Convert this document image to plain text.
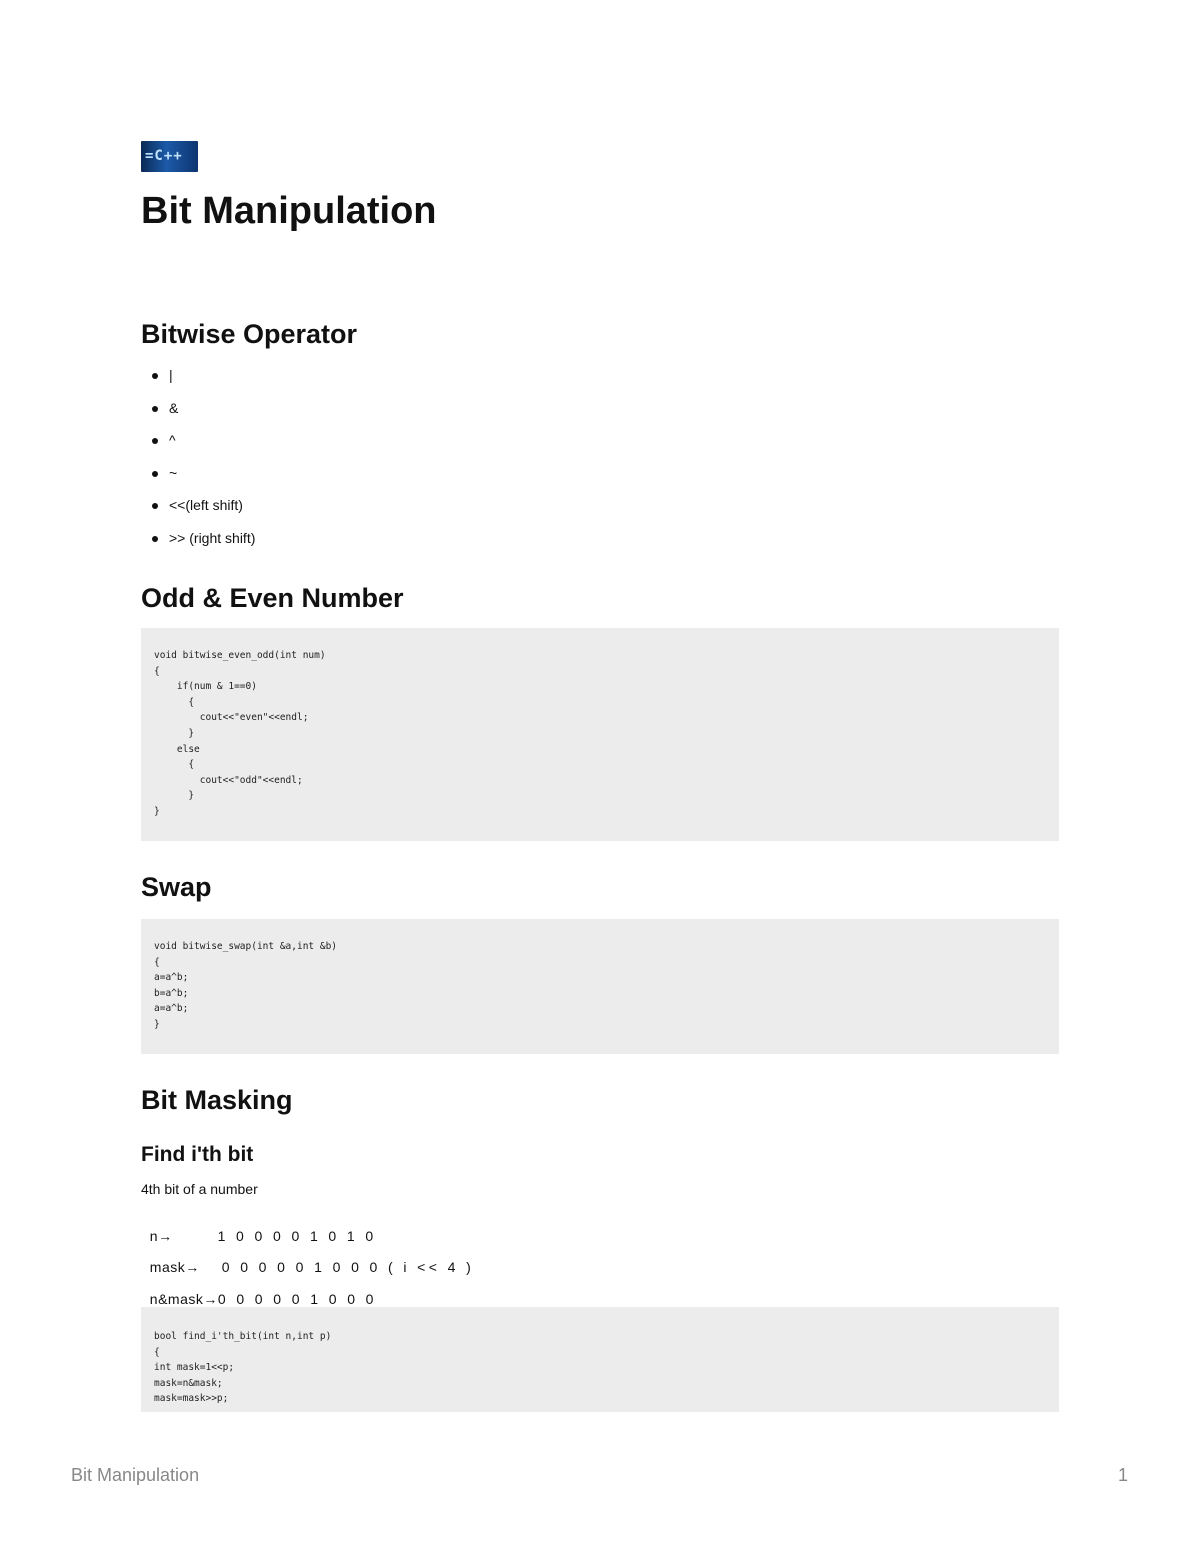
=C++
Bit Manipulation
Bitwise Operator
|
&
^
~
<<(left shift)
>> (right shift)
Odd & Even Number
void bitwise_even_odd(int num)
{
if(num & 1==0)
{
cout<<"even"<<endl;
}
else
{
cout<<"odd"<<endl;
}
}
Swap
void bitwise_swap(int &a,int &b)
{
a=a^b;
b=a^b;
a=a^b;
}
Bit Masking
Find i'th bit

4th bit of a number

n→	1 0 0 0 0 1 0 1 0

mask→ 0 0 0 0 0 1 0 0 0 ( i << 4 )

n&mask→0 0 0 0 0 1 0 0 0

bool find_i'th_bit(int n,int p)
{
int mask=1<<p;
mask=n&mask;
mask=mask>>p;
Bit Manipulation	1
